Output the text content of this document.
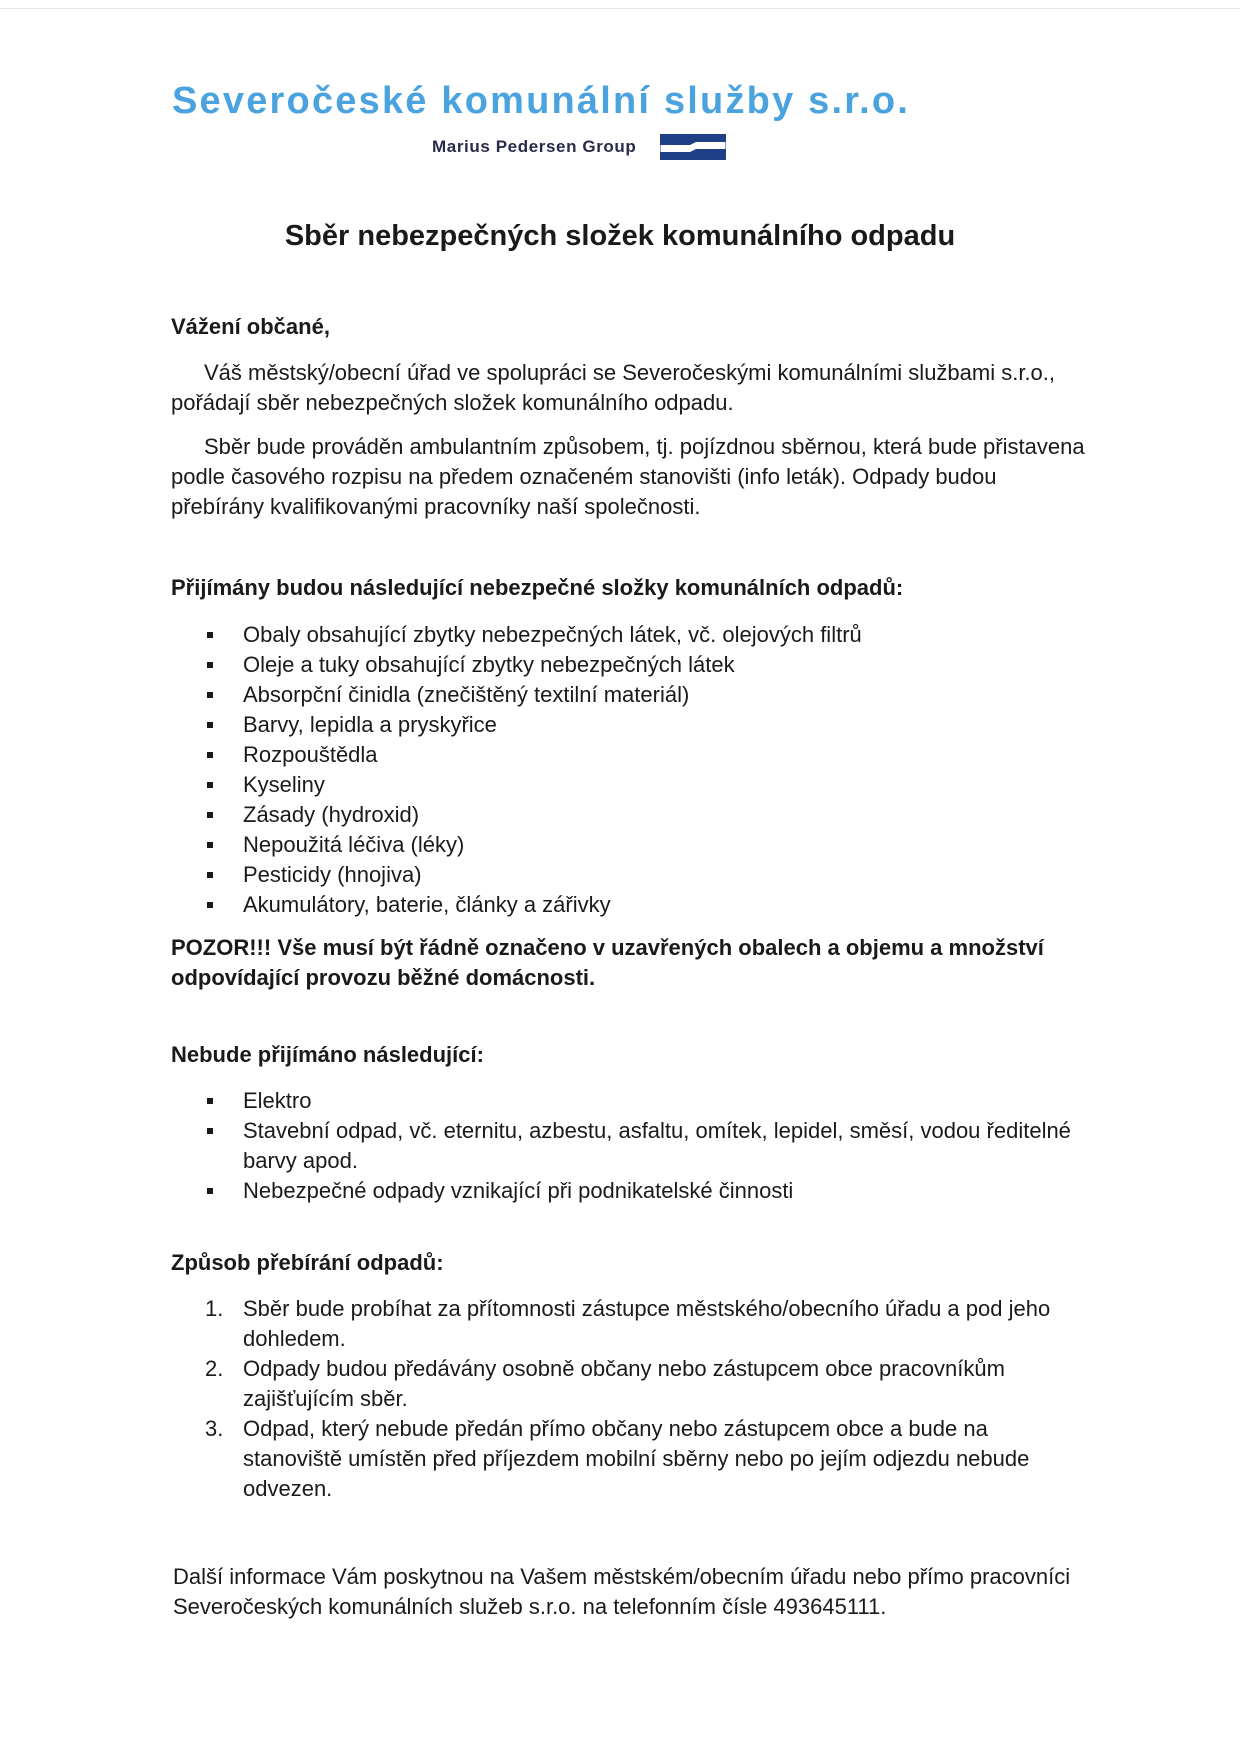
Severočeské komunální služby s.r.o.
Marius Pedersen Group
Sběr nebezpečných složek komunálního odpadu
Vážení občané,

Váš městský/obecní úřad ve spolupráci se Severočeskými komunálními službami s.r.o., pořádají sběr nebezpečných složek komunálního odpadu.

Sběr bude prováděn ambulantním způsobem, tj. pojízdnou sběrnou, která bude přistavena podle časového rozpisu na předem označeném stanovišti (info leták). Odpady budou přebírány kvalifikovanými pracovníky naší společnosti.

Přijímány budou následující nebezpečné složky komunálních odpadů:
Obaly obsahující zbytky nebezpečných látek, vč. olejových filtrů
Oleje a tuky obsahující zbytky nebezpečných látek
Absorpční činidla (znečištěný textilní materiál)
Barvy, lepidla a pryskyřice
Rozpouštědla
Kyseliny
Zásady (hydroxid)
Nepoužitá léčiva (léky)
Pesticidy (hnojiva)
Akumulátory, baterie, články a zářivky

POZOR!!! Vše musí být řádně označeno v uzavřených obalech a objemu a množství odpovídající provozu běžné domácnosti.

Nebude přijímáno následující:
Elektro
Stavební odpad, vč. eternitu, azbestu, asfaltu, omítek, lepidel, směsí, vodou ředitelné barvy apod.
Nebezpečné odpady vznikající při podnikatelské činnosti
Způsob přebírání odpadů:
1. Sběr bude probíhat za přítomnosti zástupce městského/obecního úřadu a pod jeho dohledem.
2. Odpady budou předávány osobně občany nebo zástupcem obce pracovníkům zajišťujícím sběr.
3. Odpad, který nebude předán přímo občany nebo zástupcem obce a bude na stanoviště umístěn před příjezdem mobilní sběrny nebo po jejím odjezdu nebude odvezen.

Další informace Vám poskytnou na Vašem městském/obecním úřadu nebo přímo pracovníci Severočeských komunálních služeb s.r.o. na telefonním čísle 493645111.
